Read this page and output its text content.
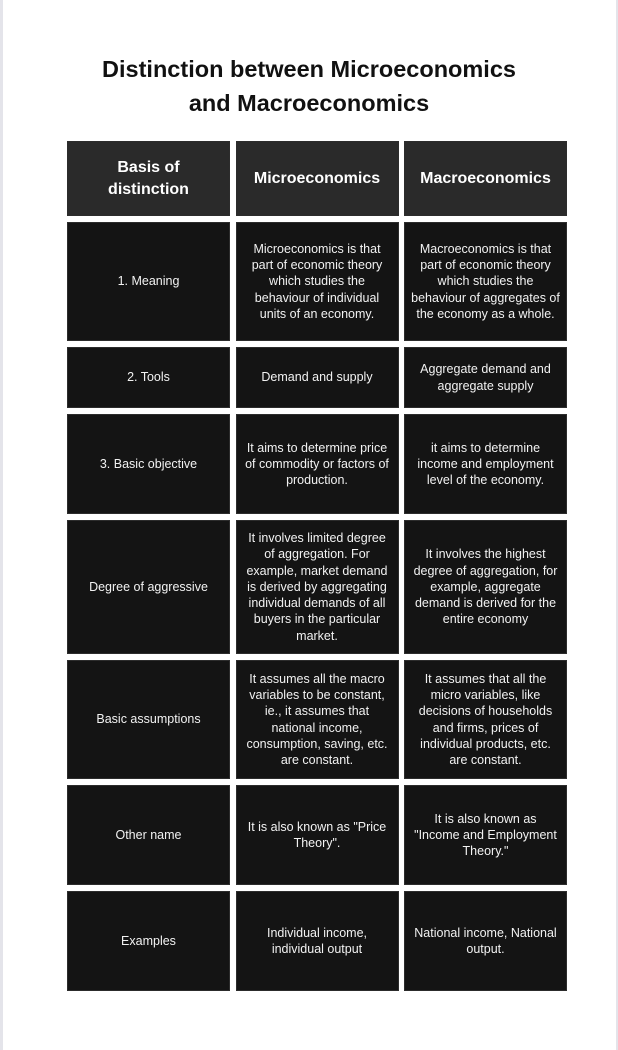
Distinction between Microeconomics
and Macroeconomics
Basis of distinction
Microeconomics	Macroeconomics
1. Meaning
Microeconomics is that part of economic theory which studies the behaviour of individual units of an economy.
Macroeconomics is that part of economic theory which studies the behaviour of aggregates of the economy as a whole.
2. Tools	Demand and supply
Aggregate demand and aggregate supply
3. Basic objective
It aims to determine price of commodity or factors of production.
it aims to determine income and employment level of the economy.
Degree of aggressive
It involves limited degree of aggregation. For example, market demand is derived by aggregating individual demands of all buyers in the particular market.
It involves the highest degree of aggregation, for example, aggregate demand is derived for the entire economy
Basic assumptions
It assumes all the macro variables to be constant, ie., it assumes that national income, consumption, saving, etc. are constant.
It assumes that all the micro variables, like decisions of households and firms, prices of individual products, etc. are constant.
Other name
It is also known as "Price Theory".
It is also known as "Income and Employment Theory."
Examples
Individual income, individual output
National income, National output.
